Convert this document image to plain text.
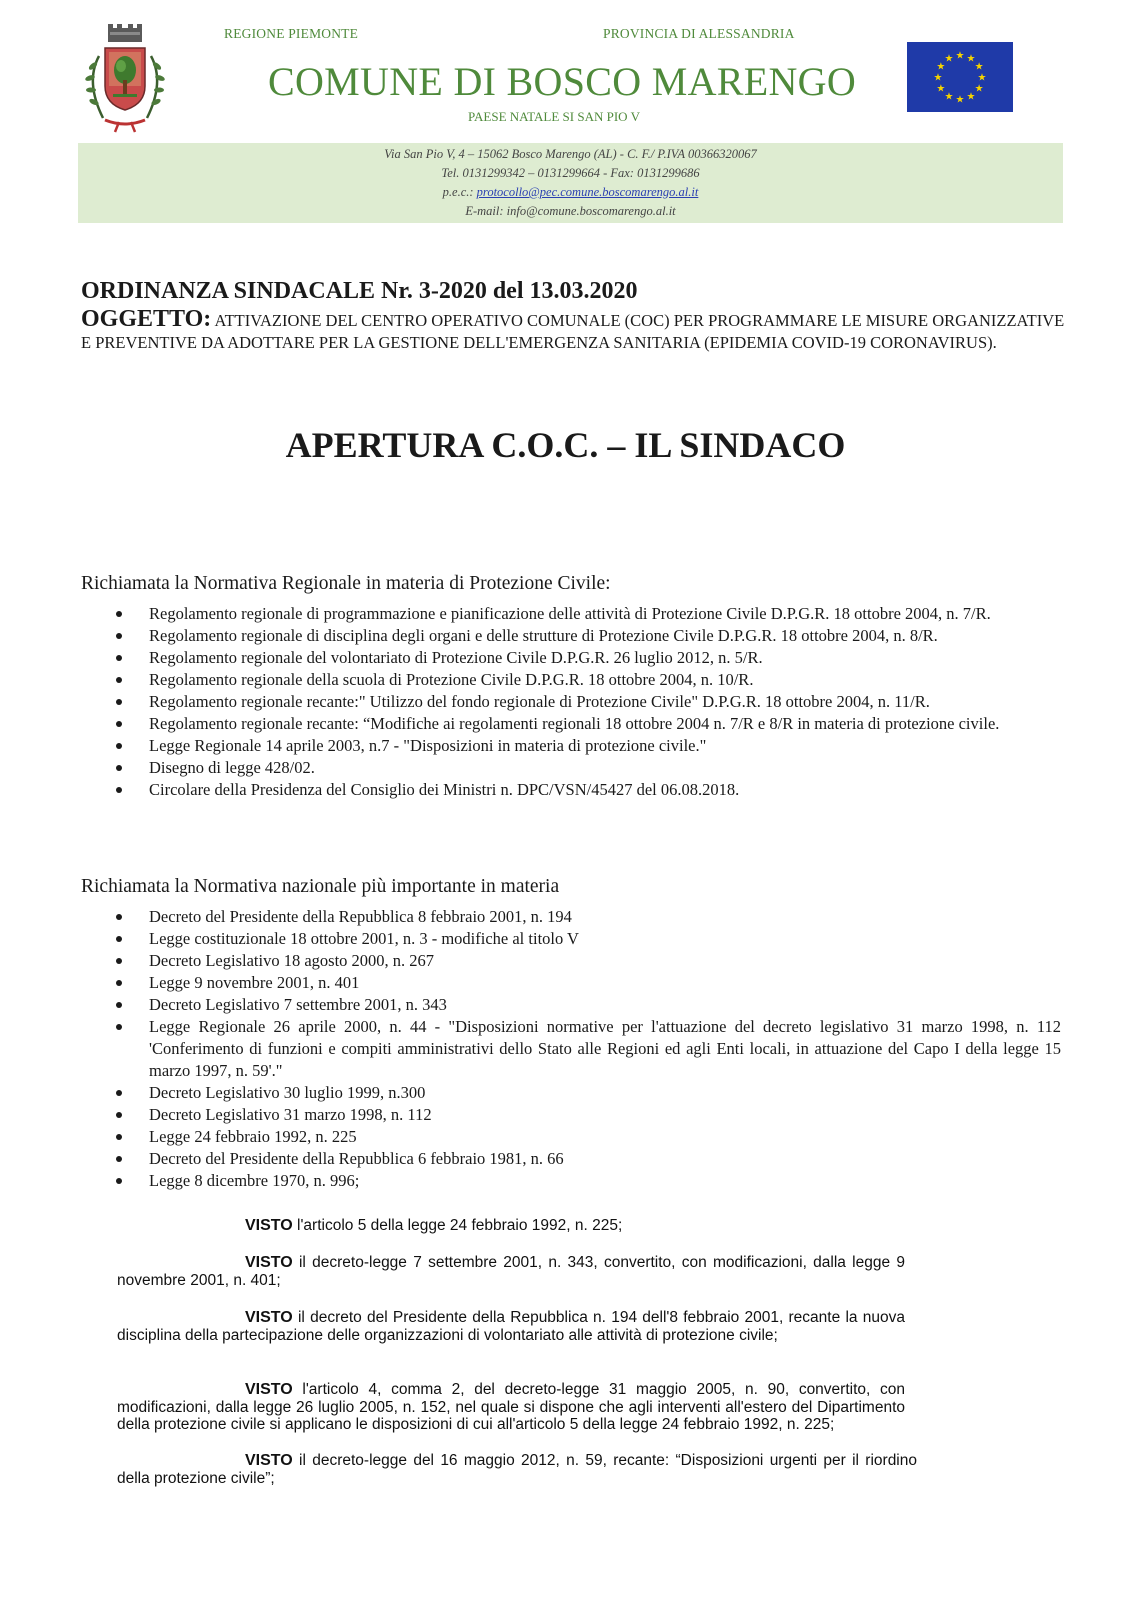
REGIONE PIEMONTE	PROVINCIA DI ALESSANDRIA
COMUNE DI BOSCO MARENGO
PAESE NATALE SI SAN PIO V
★ ★
★
★
★
★
★
★
★
★
★
★
Via San Pio V, 4 – 15062 Bosco Marengo (AL) - C. F./ P.IVA 00366320067
Tel. 0131299342 – 0131299664 - Fax: 0131299686
p.e.c.: protocollo@pec.comune.boscomarengo.al.it
E-mail: info@comune.boscomarengo.al.it
ORDINANZA SINDACALE Nr. 3-2020 del 13.03.2020
OGGETTO: ATTIVAZIONE DEL CENTRO OPERATIVO COMUNALE (COC) PER PROGRAMMARE LE MISURE ORGANIZZATIVE E PREVENTIVE DA ADOTTARE PER LA GESTIONE DELL'EMERGENZA SANITARIA (EPIDEMIA COVID-19 CORONAVIRUS).
APERTURA C.O.C. – IL SINDACO
Richiamata la Normativa Regionale in materia di Protezione Civile:
Regolamento regionale di programmazione e pianificazione delle attività di Protezione Civile D.P.G.R. 18 ottobre 2004, n. 7/R.
Regolamento regionale di disciplina degli organi e delle strutture di Protezione Civile D.P.G.R. 18 ottobre 2004, n. 8/R.
Regolamento regionale del volontariato di Protezione Civile D.P.G.R. 26 luglio 2012, n. 5/R.
Regolamento regionale della scuola di Protezione Civile D.P.G.R. 18 ottobre 2004, n. 10/R.
Regolamento regionale recante:" Utilizzo del fondo regionale di Protezione Civile" D.P.G.R. 18 ottobre 2004, n. 11/R.
Regolamento regionale recante: “Modifiche ai regolamenti regionali 18 ottobre 2004 n. 7/R e 8/R in materia di protezione civile.
Legge Regionale 14 aprile 2003, n.7 - "Disposizioni in materia di protezione civile."
Disegno di legge 428/02.
Circolare della Presidenza del Consiglio dei Ministri n. DPC/VSN/45427 del 06.08.2018.
Richiamata la Normativa nazionale più importante in materia
Decreto del Presidente della Repubblica 8 febbraio 2001, n. 194
Legge costituzionale 18 ottobre 2001, n. 3 - modifiche al titolo V
Decreto Legislativo 18 agosto 2000, n. 267
Legge 9 novembre 2001, n. 401
Decreto Legislativo 7 settembre 2001, n. 343
Legge Regionale 26 aprile 2000, n. 44 - "Disposizioni normative per l'attuazione del decreto legislativo 31 marzo 1998, n. 112 'Conferimento di funzioni e compiti amministrativi dello Stato alle Regioni ed agli Enti locali, in attuazione del Capo I della legge 15 marzo 1997, n. 59'."
Decreto Legislativo 30 luglio 1999, n.300
Decreto Legislativo 31 marzo 1998, n. 112
Legge 24 febbraio 1992, n. 225
Decreto del Presidente della Repubblica 6 febbraio 1981, n. 66
Legge 8 dicembre 1970, n. 996;
VISTO l'articolo 5 della legge 24 febbraio 1992, n. 225;
VISTO il decreto-legge 7 settembre 2001, n. 343, convertito, con modificazioni, dalla legge 9 novembre 2001, n. 401;
VISTO il decreto del Presidente della Repubblica n. 194 dell'8 febbraio 2001, recante la nuova disciplina della partecipazione delle organizzazioni di volontariato alle attività di protezione civile;
VISTO l'articolo 4, comma 2, del decreto-legge 31 maggio 2005, n. 90, convertito, con modificazioni, dalla legge 26 luglio 2005, n. 152, nel quale si dispone che agli interventi all'estero del Dipartimento della protezione civile si applicano le disposizioni di cui all'articolo 5 della legge 24 febbraio 1992, n. 225;
VISTO il decreto-legge del 16 maggio 2012, n. 59, recante: “Disposizioni urgenti per il riordino della protezione civile”;
